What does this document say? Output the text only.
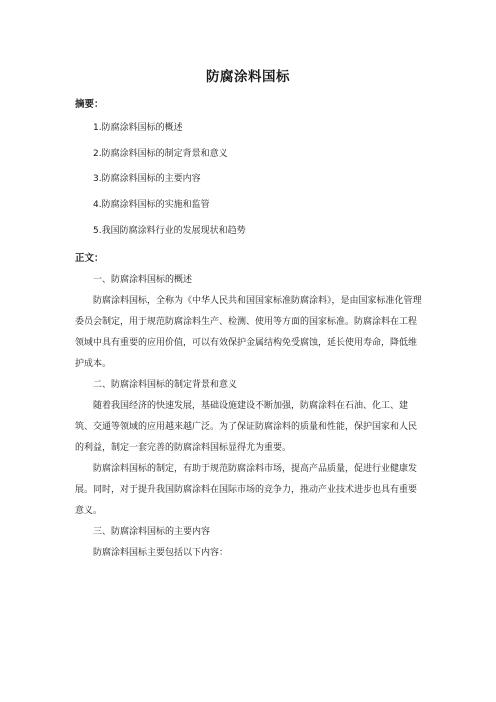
防腐涂料国标
摘要：
1.防腐涂料国标的概述
2.防腐涂料国标的制定背景和意义
3.防腐涂料国标的主要内容
4.防腐涂料国标的实施和监管
5.我国防腐涂料行业的发展现状和趋势
正文：

一、防腐涂料国标的概述

防腐涂料国标，全称为《中华人民共和国国家标准防腐涂料》，是由国家标准化管理委员会制定，用于规范防腐涂料生产、检测、使用等方面的国家标准。防腐涂料在工程领域中具有重要的应用价值，可以有效保护金属结构免受腐蚀，延长使用寿命，降低维护成本。

二、防腐涂料国标的制定背景和意义

随着我国经济的快速发展，基础设施建设不断加强，防腐涂料在石油、化工、建筑、交通等领域的应用越来越广泛。为了保证防腐涂料的质量和性能，保护国家和人民的利益，制定一套完善的防腐涂料国标显得尤为重要。

防腐涂料国标的制定，有助于规范防腐涂料市场，提高产品质量，促进行业健康发展。同时，对于提升我国防腐涂料在国际市场的竞争力，推动产业技术进步也具有重要意义。

三、防腐涂料国标的主要内容

防腐涂料国标主要包括以下内容：
